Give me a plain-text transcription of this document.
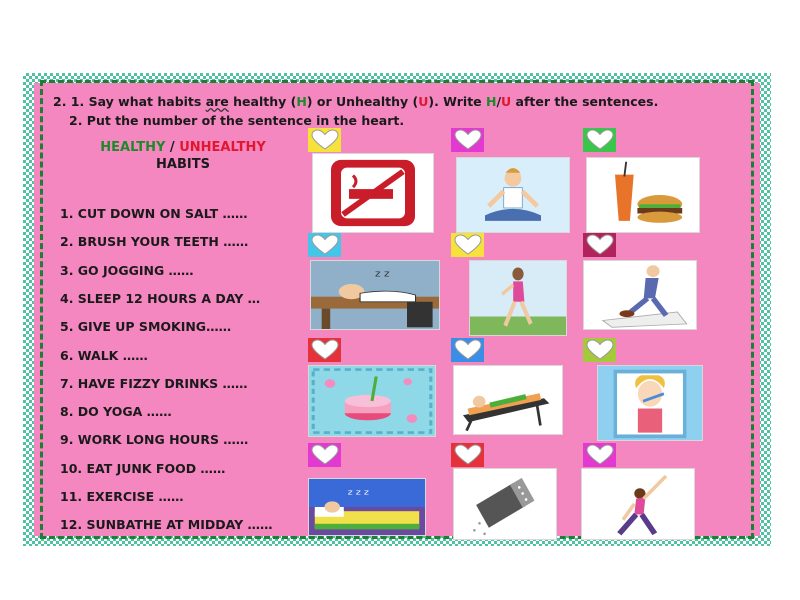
2. 1. Say what habits are healthy (H) or Unhealthy (U). Write H/U after the sentences.
2. Put the number of the sentence in the heart.
HEALTHY / UNHEALTHY
HABITS
1. CUT DOWN ON SALT ……
2. BRUSH YOUR TEETH ……
3. GO JOGGING ……
4. SLEEP 12 HOURS A DAY …
5. GIVE UP SMOKING……
6. WALK ……
7. HAVE FIZZY DRINKS ……
8. DO YOGA ……
9. WORK LONG HOURS ……
10. EAT JUNK FOOD ……
11. EXERCISE ……
12. SUNBATHE AT MIDDAY ……
z z
z z z
